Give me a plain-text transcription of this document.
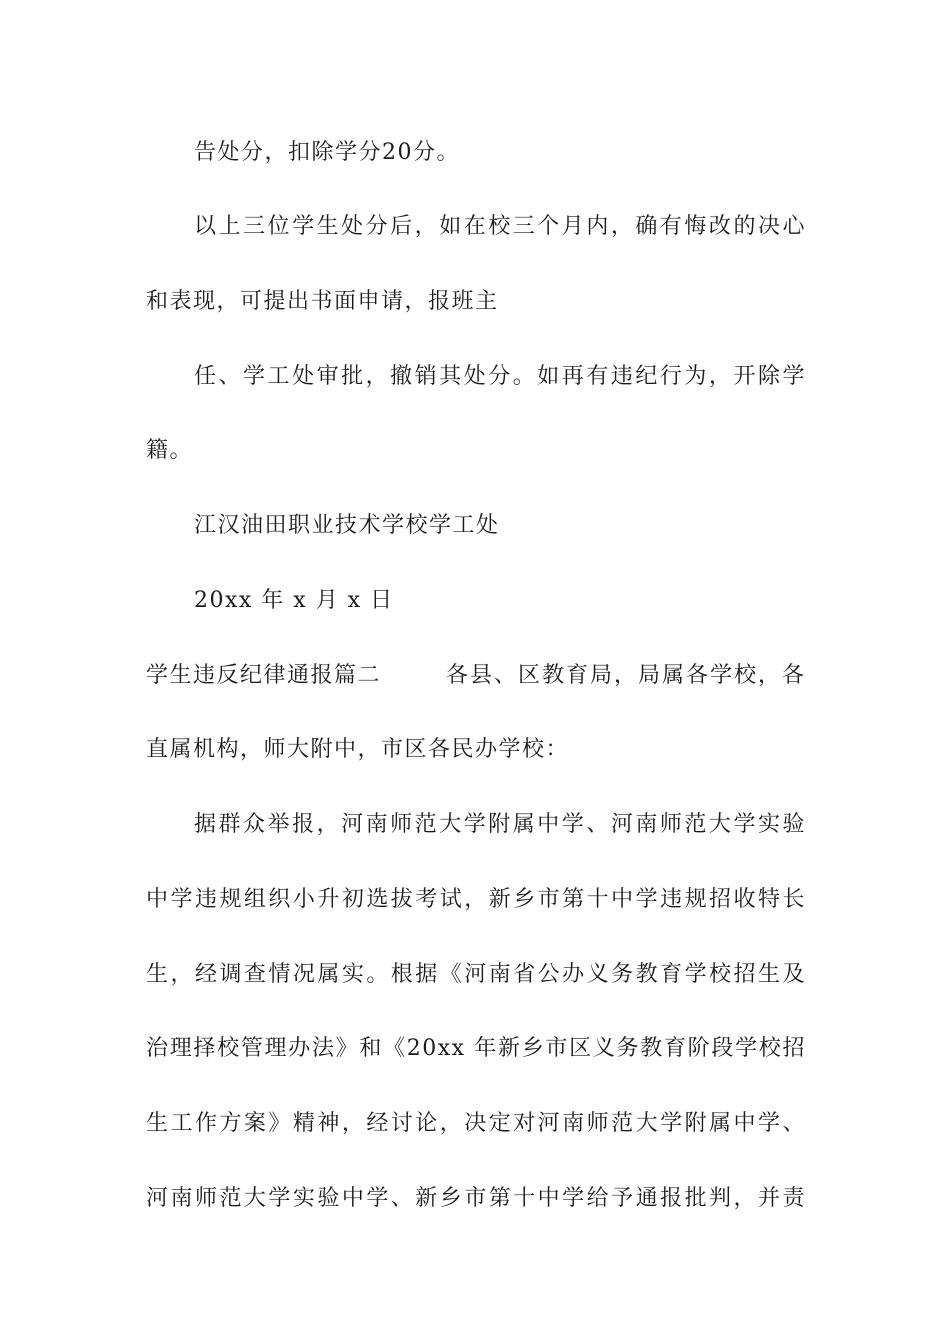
告处分，扣除学分20分。
以上三位学生处分后，如在校三个月内，确有悔改的决心
和表现，可提出书面申请，报班主
任、学工处审批，撤销其处分。如再有违纪行为，开除学
籍。
江汉油田职业技术学校学工处
20xx 年 x 月 x 日
学生违反纪律通报篇二	各县、区教育局，局属各学校，各
直属机构，师大附中，市区各民办学校：
据群众举报，河南师范大学附属中学、河南师范大学实验
中学违规组织小升初选拔考试，新乡市第十中学违规招收特长
生，经调查情况属实。根据《河南省公办义务教育学校招生及
治理择校管理办法》和《20xx 年新乡市区义务教育阶段学校招
生工作方案》精神，经讨论，决定对河南师范大学附属中学、
河南师范大学实验中学、新乡市第十中学给予通报批判，并责
